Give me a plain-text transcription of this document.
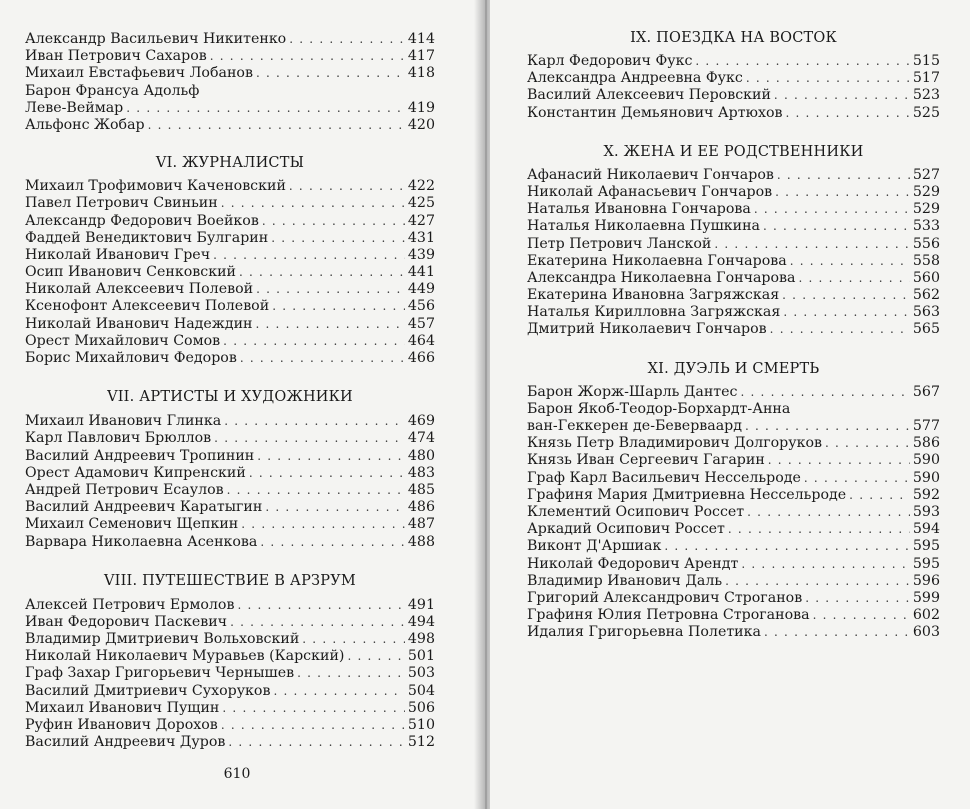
Александр Васильевич Никитенко . . .	414
Иван Петрович Сахаров . . .	417
Михаил Евстафьевич Лобанов . . .	418
Барон Франсуа Адольф
Леве-Веймар . . .	419
Альфонс Жобар . . .	420
VI. ЖУРНАЛИСТЫ
Михаил Трофимович Каченовский . . .	422
Павел Петрович Свиньин . . .	425
Александр Федорович Воейков . . .	427
Фаддей Венедиктович Булгарин . . .	431
Николай Иванович Греч . . .	439
Осип Иванович Сенковский . . .	441
Николай Алексеевич Полевой . . .	449
Ксенофонт Алексеевич Полевой . . .	456
Николай Иванович Надеждин . . .	457
Орест Михайлович Сомов . . .	464
Борис Михайлович Федоров . . .	466
VII. АРТИСТЫ И ХУДОЖНИКИ
Михаил Иванович Глинка . . .	469
Карл Павлович Брюллов . . .	474
Василий Андреевич Тропинин . . .	480
Орест Адамович Кипренский . . .	483
Андрей Петрович Есаулов . . .	485
Василий Андреевич Каратыгин . . .	486
Михаил Семенович Щепкин . . .	487
Варвара Николаевна Асенкова . . .	488
VIII. ПУТЕШЕСТВИЕ В АРЗРУМ
Алексей Петрович Ермолов . . .	491
Иван Федорович Паскевич . . .	494
Владимир Дмитриевич Вольховский . . .	498
Николай Николаевич Муравьев (Карский) . . .	501
Граф Захар Григорьевич Чернышев . . .	503
Василий Дмитриевич Сухоруков . . .	504
Михаил Иванович Пущин . . .	506
Руфин Иванович Дорохов . . .	510
Василий Андреевич Дуров . . .	512
610
IX. ПОЕЗДКА НА ВОСТОК
Карл Федорович Фукс . . .	515
Александра Андреевна Фукс . . .	517
Василий Алексеевич Перовский . . .	523
Константин Демьянович Артюхов . . .	525
X. ЖЕНА И ЕЕ РОДСТВЕННИКИ
Афанасий Николаевич Гончаров . . .	527
Николай Афанасьевич Гончаров . . .	529
Наталья Ивановна Гончарова . . .	529
Наталья Николаевна Пушкина . . .	533
Петр Петрович Ланской . . .	556
Екатерина Николаевна Гончарова . . .	558
Александра Николаевна Гончарова . . .	560
Екатерина Ивановна Загряжская . . .	562
Наталья Кирилловна Загряжская . . .	563
Дмитрий Николаевич Гончаров . . .	565
XI. ДУЭЛЬ И СМЕРТЬ
Барон Жорж-Шарль Дантес . . .	567
Барон Якоб-Теодор-Борхардт-Анна
ван-Геккерен де-Беверваард . . .	577
Князь Петр Владимирович Долгоруков . . .	586
Князь Иван Сергеевич Гагарин . . .	590
Граф Карл Васильевич Нессельроде . . .	590
Графиня Мария Дмитриевна Нессельроде . . .	592
Клементий Осипович Россет . . .	593
Аркадий Осипович Россет . . .	594
Виконт Д'Аршиак . . .	595
Николай Федорович Арендт . . .	595
Владимир Иванович Даль . . .	596
Григорий Александрович Строганов . . .	599
Графиня Юлия Петровна Строганова . . .	602
Идалия Григорьевна Полетика . . .	603
